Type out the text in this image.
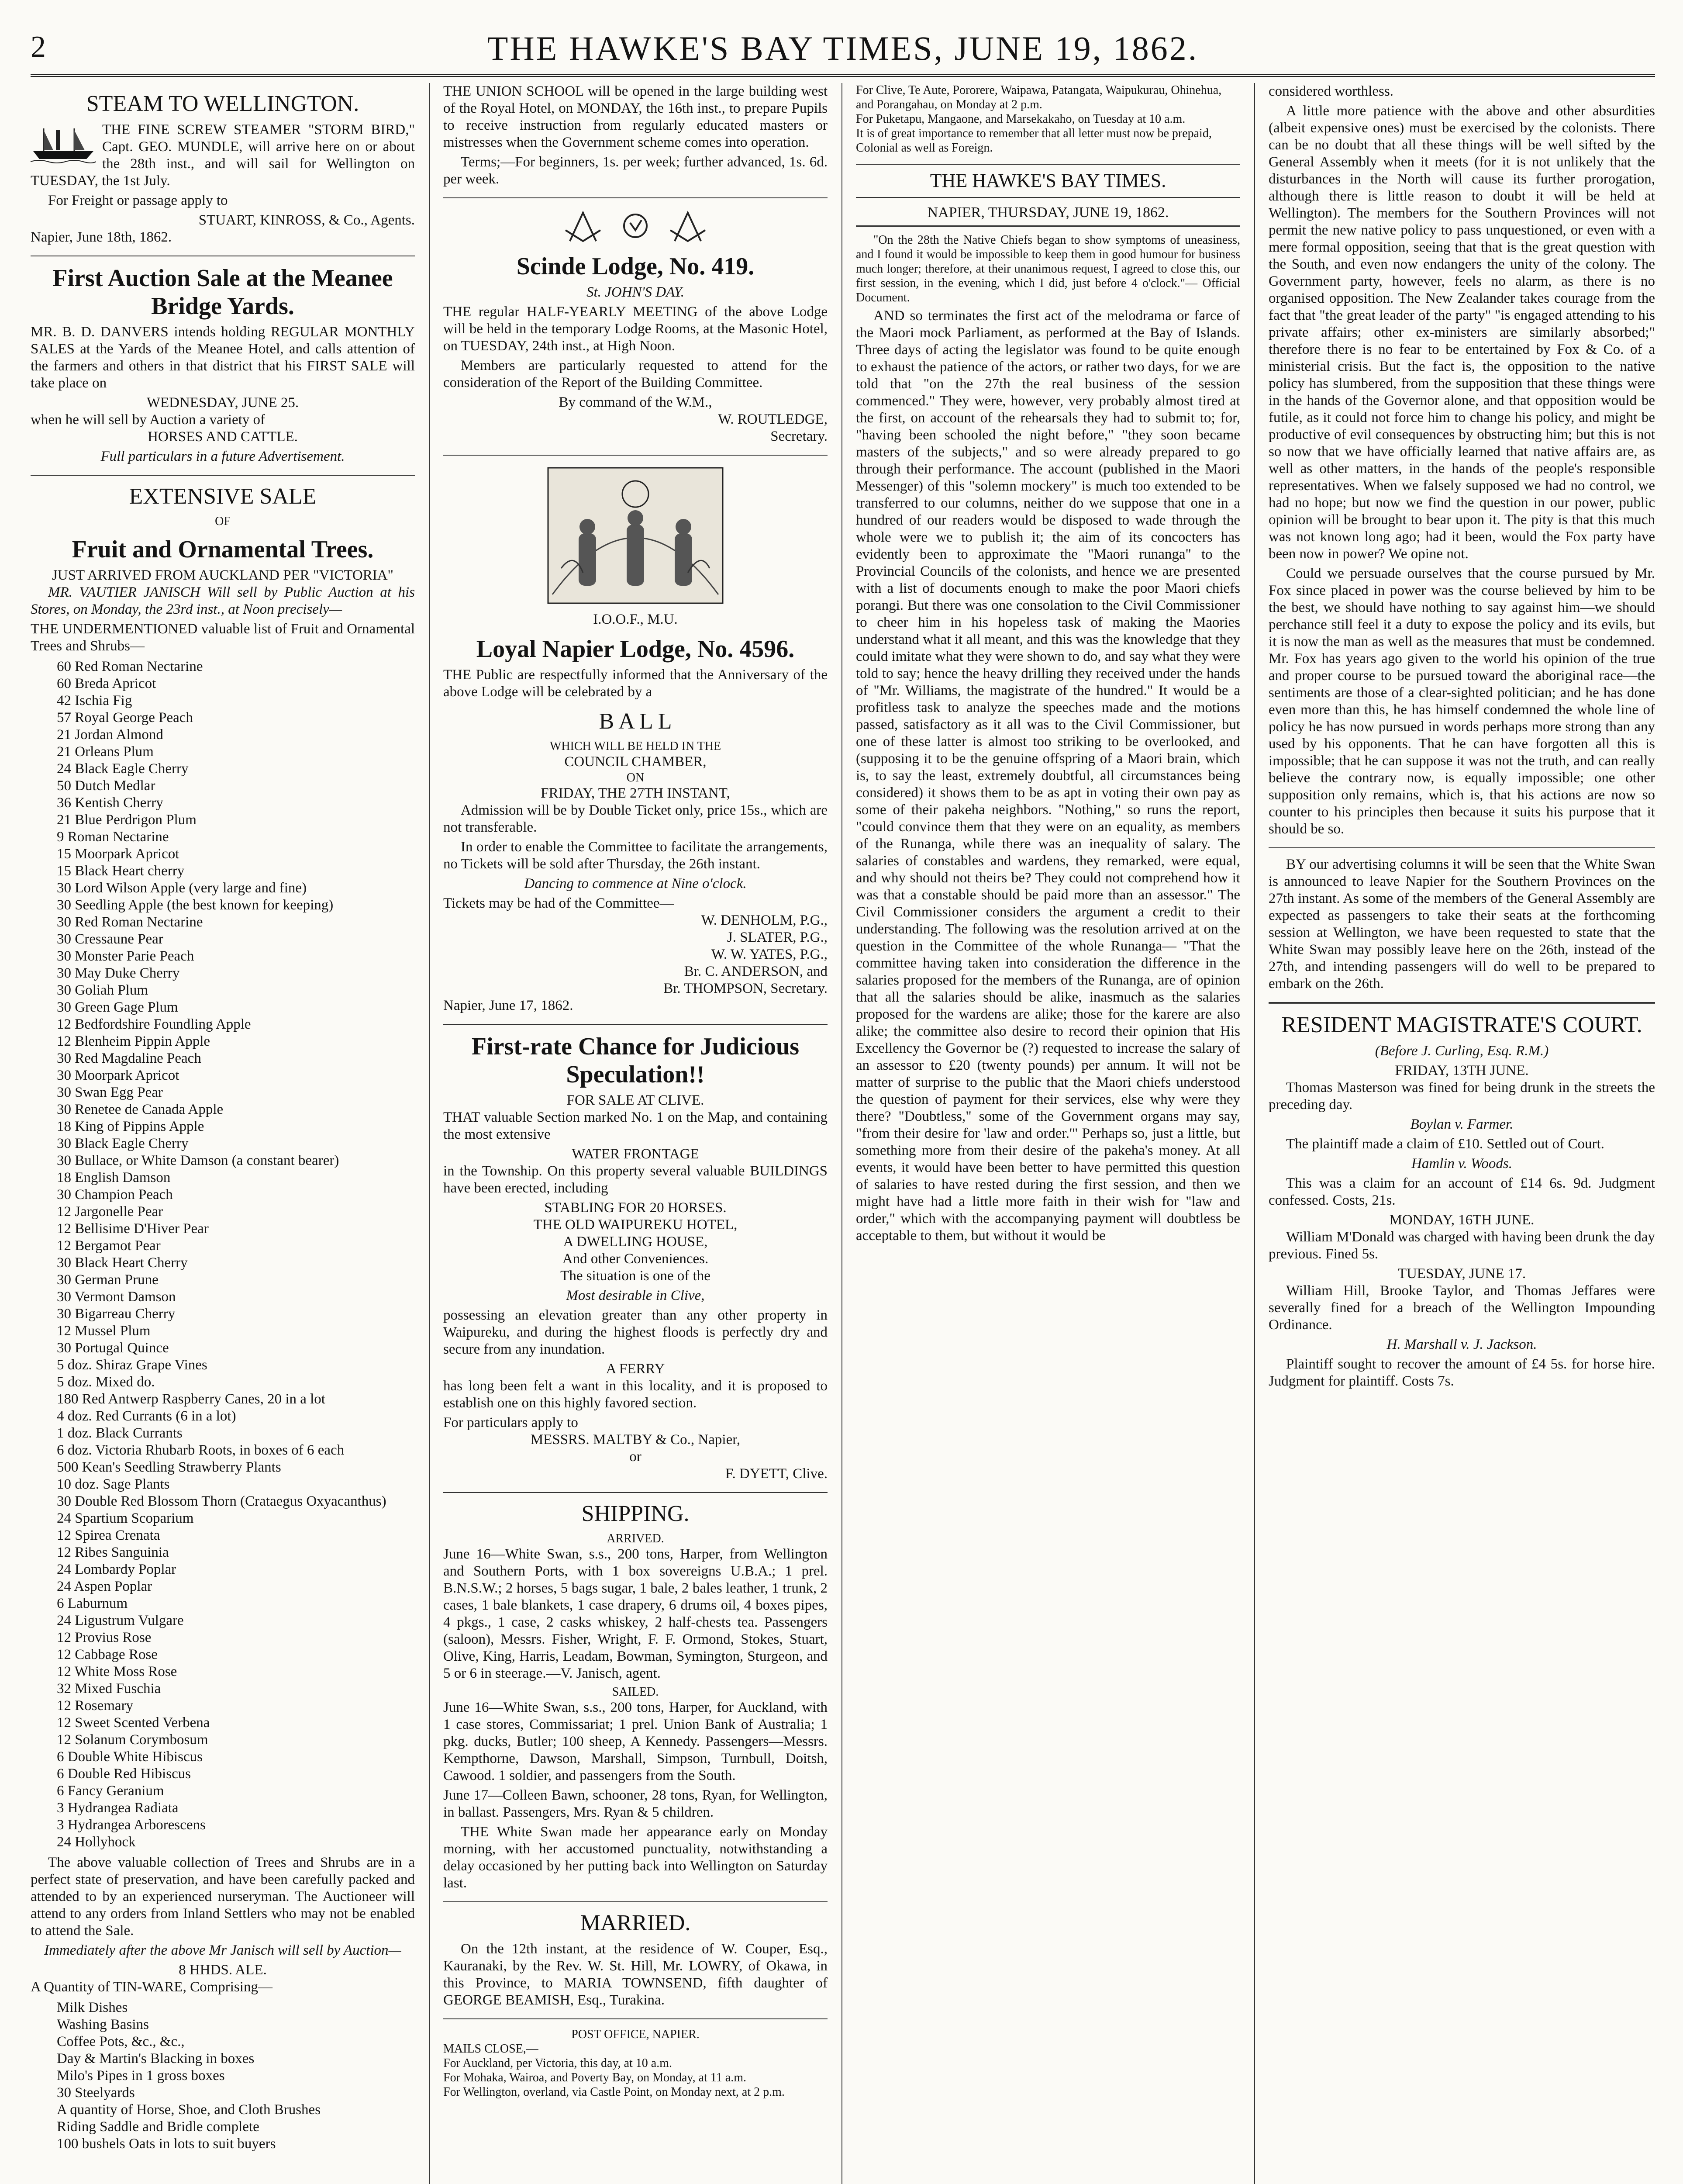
2	THE HAWKE'S BAY TIMES, JUNE 19, 1862.
STEAM TO WELLINGTON.

THE FINE SCREW STEAMER "STORM BIRD," Capt. GEO. MUNDLE, will arrive here on or about the 28th inst., and will sail for Wellington on TUESDAY, the 1st July.

For Freight or passage apply to

STUART, KINROSS, & Co., Agents.
Napier, June 18th, 1862.
First Auction Sale at the Meanee Bridge Yards.

MR. B. D. DANVERS intends holding REGULAR MONTHLY SALES at the Yards of the Meanee Hotel, and calls attention of the farmers and others in that district that his FIRST SALE will take place on

WEDNESDAY, JUNE 25.
when he will sell by Auction a variety of
HORSES AND CATTLE.
Full particulars in a future Advertisement.
EXTENSIVE SALE
OF
Fruit and Ornamental Trees.
JUST ARRIVED FROM AUCKLAND PER "VICTORIA"

MR. VAUTIER JANISCH Will sell by Public Auction at his Stores, on Monday, the 23rd inst., at Noon precisely—

THE UNDERMENTIONED valuable list of Fruit and Ornamental Trees and Shrubs—

60 Red Roman Nectarine
60 Breda Apricot
42 Ischia Fig
57 Royal George Peach
21 Jordan Almond
21 Orleans Plum
24 Black Eagle Cherry
50 Dutch Medlar
36 Kentish Cherry
21 Blue Perdrigon Plum
9 Roman Nectarine
15 Moorpark Apricot
15 Black Heart cherry
30 Lord Wilson Apple (very large and fine)
30 Seedling Apple (the best known for keeping)
30 Red Roman Nectarine
30 Cressaune Pear
30 Monster Parie Peach
30 May Duke Cherry
30 Goliah Plum
30 Green Gage Plum
12 Bedfordshire Foundling Apple
12 Blenheim Pippin Apple
30 Red Magdaline Peach
30 Moorpark Apricot
30 Swan Egg Pear
30 Renetee de Canada Apple
18 King of Pippins Apple
30 Black Eagle Cherry
30 Bullace, or White Damson (a constant bearer)
18 English Damson
30 Champion Peach
12 Jargonelle Pear
12 Bellisime D'Hiver Pear
12 Bergamot Pear
30 Black Heart Cherry
30 German Prune
30 Vermont Damson
30 Bigarreau Cherry
12 Mussel Plum
30 Portugal Quince
5 doz. Shiraz Grape Vines
5 doz. Mixed do.
180 Red Antwerp Raspberry Canes, 20 in a lot
4 doz. Red Currants (6 in a lot)
1 doz. Black Currants
6 doz. Victoria Rhubarb Roots, in boxes of 6 each
500 Kean's Seedling Strawberry Plants
10 doz. Sage Plants
30 Double Red Blossom Thorn (Crataegus Oxyacanthus)
24 Spartium Scoparium
12 Spirea Crenata
12 Ribes Sanguinia
24 Lombardy Poplar
24 Aspen Poplar
6 Laburnum
24 Ligustrum Vulgare
12 Provius Rose
12 Cabbage Rose
12 White Moss Rose
32 Mixed Fuschia
12 Rosemary
12 Sweet Scented Verbena
12 Solanum Corymbosum
6 Double White Hibiscus
6 Double Red Hibiscus
6 Fancy Geranium
3 Hydrangea Radiata
3 Hydrangea Arborescens
24 Hollyhock

The above valuable collection of Trees and Shrubs are in a perfect state of preservation, and have been carefully packed and attended to by an experienced nurseryman. The Auctioneer will attend to any orders from Inland Settlers who may not be enabled to attend the Sale.

Immediately after the above Mr Janisch will sell by Auction—
8 HHDS. ALE.
A Quantity of TIN-WARE, Comprising—
Milk Dishes
Washing Basins
Coffee Pots, &c., &c.,
Day & Martin's Blacking in boxes
Milo's Pipes in 1 gross boxes
30 Steelyards
A quantity of Horse, Shoe, and Cloth Brushes
Riding Saddle and Bridle complete
100 bushels Oats in lots to suit buyers

THE UNION SCHOOL will be opened in the large building west of the Royal Hotel, on MONDAY, the 16th inst., to prepare Pupils to receive instruction from regularly educated masters or mistresses when the Government scheme comes into operation.

Terms;—For beginners, 1s. per week; further advanced, 1s. 6d. per week.

Scinde Lodge, No. 419.
St. JOHN'S DAY.

THE regular HALF-YEARLY MEETING of the above Lodge will be held in the temporary Lodge Rooms, at the Masonic Hotel, on TUESDAY, 24th inst., at High Noon.

Members are particularly requested to attend for the consideration of the Report of the Building Committee.

By command of the W.M.,
W. ROUTLEDGE,
Secretary.
I.O.O.F., M.U.
Loyal Napier Lodge, No. 4596.

THE Public are respectfully informed that the Anniversary of the above Lodge will be celebrated by a

B A L L
WHICH WILL BE HELD IN THE
COUNCIL CHAMBER,
ON
FRIDAY, THE 27TH INSTANT,

Admission will be by Double Ticket only, price 15s., which are not transferable.

In order to enable the Committee to facilitate the arrangements, no Tickets will be sold after Thursday, the 26th instant.

Dancing to commence at Nine o'clock.
Tickets may be had of the Committee—
W. DENHOLM, P.G.,
J. SLATER, P.G.,
W. W. YATES, P.G.,
Br. C. ANDERSON, and
Br. THOMPSON, Secretary.
Napier, June 17, 1862.
First-rate Chance for Judicious Speculation!!
FOR SALE AT CLIVE.

THAT valuable Section marked No. 1 on the Map, and containing the most extensive

WATER FRONTAGE

in the Township. On this property several valuable BUILDINGS have been erected, including

STABLING FOR 20 HORSES.
THE OLD WAIPUREKU HOTEL,
A DWELLING HOUSE,
And other Conveniences.
The situation is one of the
Most desirable in Clive,

possessing an elevation greater than any other property in Waipureku, and during the highest floods is perfectly dry and secure from any inundation.

A FERRY

has long been felt a want in this locality, and it is proposed to establish one on this highly favored section.

For particulars apply to
MESSRS. MALTBY & Co., Napier,
or
F. DYETT, Clive.
SHIPPING.
ARRIVED.

June 16—White Swan, s.s., 200 tons, Harper, from Wellington and Southern Ports, with 1 box sovereigns U.B.A.; 1 prel. B.N.S.W.; 2 horses, 5 bags sugar, 1 bale, 2 bales leather, 1 trunk, 2 cases, 1 bale blankets, 1 case drapery, 6 drums oil, 4 boxes pipes, 4 pkgs., 1 case, 2 casks whiskey, 2 half-chests tea. Passengers (saloon), Messrs. Fisher, Wright, F. F. Ormond, Stokes, Stuart, Olive, King, Harris, Leadam, Bowman, Symington, Sturgeon, and 5 or 6 in steerage.—V. Janisch, agent.

SAILED.

June 16—White Swan, s.s., 200 tons, Harper, for Auckland, with 1 case stores, Commissariat; 1 prel. Union Bank of Australia; 1 pkg. ducks, Butler; 100 sheep, A Kennedy. Passengers—Messrs. Kempthorne, Dawson, Marshall, Simpson, Turnbull, Doitsh, Cawood. 1 soldier, and passengers from the South.

June 17—Colleen Bawn, schooner, 28 tons, Ryan, for Wellington, in ballast. Passengers, Mrs. Ryan & 5 children.

THE White Swan made her appearance early on Monday morning, with her accustomed punctuality, notwithstanding a delay occasioned by her putting back into Wellington on Saturday last.

MARRIED.

On the 12th instant, at the residence of W. Couper, Esq., Kauranaki, by the Rev. W. St. Hill, Mr. LOWRY, of Okawa, in this Province, to MARIA TOWNSEND, fifth daughter of GEORGE BEAMISH, Esq., Turakina.

POST OFFICE, NAPIER.
MAILS CLOSE,—
For Auckland, per Victoria, this day, at 10 a.m.
For Mohaka, Wairoa, and Poverty Bay, on Monday, at 11 a.m.
For Wellington, overland, via Castle Point, on Monday next, at 2 p.m.
For Clive, Te Aute, Pororere, Waipawa, Patangata, Waipukurau, Ohinehua, and Porangahau, on Monday at 2 p.m.
For Puketapu, Mangaone, and Marsekakaho, on Tuesday at 10 a.m.
It is of great importance to remember that all letter must now be prepaid, Colonial as well as Foreign.
THE HAWKE'S BAY TIMES.
NAPIER, THURSDAY, JUNE 19, 1862.

"On the 28th the Native Chiefs began to show symptoms of uneasiness, and I found it would be impossible to keep them in good humour for business much longer; therefore, at their unanimous request, I agreed to close this, our first session, in the evening, which I did, just before 4 o'clock."— Official Document.

AND so terminates the first act of the melodrama or farce of the Maori mock Parliament, as performed at the Bay of Islands. Three days of acting the legislator was found to be quite enough to exhaust the patience of the actors, or rather two days, for we are told that "on the 27th the real business of the session commenced." They were, however, very probably almost tired at the first, on account of the rehearsals they had to submit to; for, "having been schooled the night before," "they soon became masters of the subjects," and so were already prepared to go through their performance. The account (published in the Maori Messenger) of this "solemn mockery" is much too extended to be transferred to our columns, neither do we suppose that one in a hundred of our readers would be disposed to wade through the whole were we to publish it; the aim of its concocters has evidently been to approximate the "Maori runanga" to the Provincial Councils of the colonists, and hence we are presented with a list of documents enough to make the poor Maori chiefs porangi. But there was one consolation to the Civil Commissioner to cheer him in his hopeless task of making the Maories understand what it all meant, and this was the knowledge that they could imitate what they were shown to do, and say what they were told to say; hence the heavy drilling they received under the hands of "Mr. Williams, the magistrate of the hundred." It would be a profitless task to analyze the speeches made and the motions passed, satisfactory as it all was to the Civil Commissioner, but one of these latter is almost too striking to be overlooked, and (supposing it to be the genuine offspring of a Maori brain, which is, to say the least, extremely doubtful, all circumstances being considered) it shows them to be as apt in voting their own pay as some of their pakeha neighbors. "Nothing," so runs the report, "could convince them that they were on an equality, as members of the Runanga, while there was an inequality of salary. The salaries of constables and wardens, they remarked, were equal, and why should not theirs be? They could not comprehend how it was that a constable should be paid more than an assessor." The Civil Commissioner considers the argument a credit to their understanding. The following was the resolution arrived at on the question in the Committee of the whole Runanga— "That the committee having taken into consideration the difference in the salaries proposed for the members of the Runanga, are of opinion that all the salaries should be alike, inasmuch as the salaries proposed for the wardens are alike; those for the karere are also alike; the committee also desire to record their opinion that His Excellency the Governor be (?) requested to increase the salary of an assessor to £20 (twenty pounds) per annum. It will not be matter of surprise to the public that the Maori chiefs understood the question of payment for their services, else why were they there? "Doubtless," some of the Government organs may say, "from their desire for 'law and order.'" Perhaps so, just a little, but something more from their desire of the pakeha's money. At all events, it would have been better to have permitted this question of salaries to have rested during the first session, and then we might have had a little more faith in their wish for "law and order," which with the accompanying payment will doubtless be acceptable to them, but without it would be

considered worthless.

A little more patience with the above and other absurdities (albeit expensive ones) must be exercised by the colonists. There can be no doubt that all these things will be well sifted by the General Assembly when it meets (for it is not unlikely that the disturbances in the North will cause its further prorogation, although there is little reason to doubt it will be held at Wellington). The members for the Southern Provinces will not permit the new native policy to pass unquestioned, or even with a mere formal opposition, seeing that that is the great question with the South, and even now endangers the unity of the colony. The Government party, however, feels no alarm, as there is no organised opposition. The New Zealander takes courage from the fact that "the great leader of the party" "is engaged attending to his private affairs; other ex-ministers are similarly absorbed;" therefore there is no fear to be entertained by Fox & Co. of a ministerial crisis. But the fact is, the opposition to the native policy has slumbered, from the supposition that these things were in the hands of the Governor alone, and that opposition would be futile, as it could not force him to change his policy, and might be productive of evil consequences by obstructing him; but this is not so now that we have officially learned that native affairs are, as well as other matters, in the hands of the people's responsible representatives. When we falsely supposed we had no control, we had no hope; but now we find the question in our power, public opinion will be brought to bear upon it. The pity is that this much was not known long ago; had it been, would the Fox party have been now in power? We opine not.

Could we persuade ourselves that the course pursued by Mr. Fox since placed in power was the course believed by him to be the best, we should have nothing to say against him—we should perchance still feel it a duty to expose the policy and its evils, but it is now the man as well as the measures that must be condemned. Mr. Fox has years ago given to the world his opinion of the true and proper course to be pursued toward the aboriginal race—the sentiments are those of a clear-sighted politician; and he has done even more than this, he has himself condemned the whole line of policy he has now pursued in words perhaps more strong than any used by his opponents. That he can have forgotten all this is impossible; that he can suppose it was not the truth, and can really believe the contrary now, is equally impossible; one other supposition only remains, which is, that his actions are now so counter to his principles then because it suits his purpose that it should be so.

BY our advertising columns it will be seen that the White Swan is announced to leave Napier for the Southern Provinces on the 27th instant. As some of the members of the General Assembly are expected as passengers to take their seats at the forthcoming session at Wellington, we have been requested to state that the White Swan may possibly leave here on the 26th, instead of the 27th, and intending passengers will do well to be prepared to embark on the 26th.

RESIDENT MAGISTRATE'S COURT.
(Before J. Curling, Esq. R.M.)
FRIDAY, 13TH JUNE.

Thomas Masterson was fined for being drunk in the streets the preceding day.

Boylan v. Farmer.

The plaintiff made a claim of £10. Settled out of Court.

Hamlin v. Woods.

This was a claim for an account of £14 6s. 9d. Judgment confessed. Costs, 21s.

MONDAY, 16TH JUNE.

William M'Donald was charged with having been drunk the day previous. Fined 5s.

TUESDAY, JUNE 17.

William Hill, Brooke Taylor, and Thomas Jeffares were severally fined for a breach of the Wellington Impounding Ordinance.

H. Marshall v. J. Jackson.

Plaintiff sought to recover the amount of £4 5s. for horse hire. Judgment for plaintiff. Costs 7s.
